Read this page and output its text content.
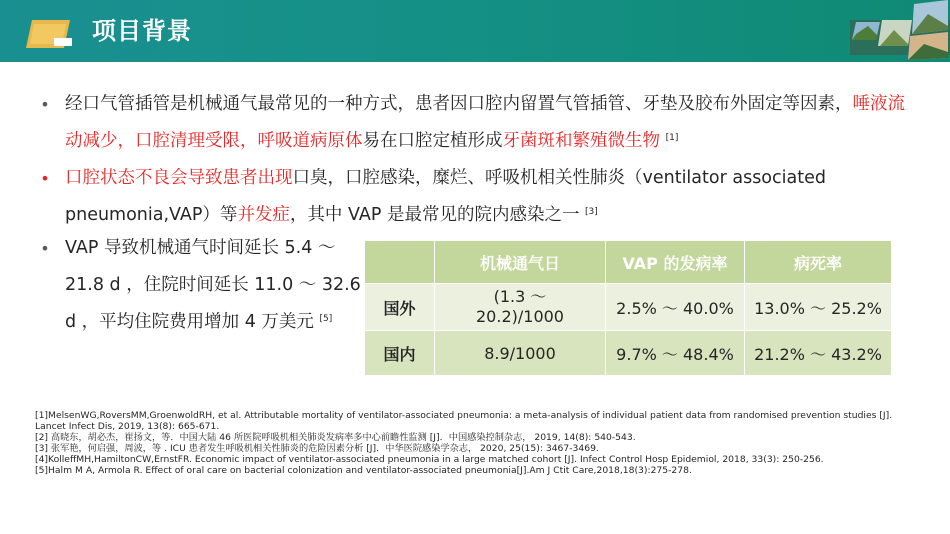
项目背景
• 经口气管插管是机械通气最常见的一种方式，患者因口腔内留置气管插管、牙垫及胶布外固定等因素，唾液流动减少，口腔清理受限，呼吸道病原体易在口腔定植形成牙菌斑和繁殖微生物 [1]
• 口腔状态不良会导致患者出现口臭，口腔感染，糜烂、呼吸机相关性肺炎（ventilator associated pneumonia,VAP）等并发症，其中 VAP 是最常见的院内感染之一 [3]
• VAP 导致机械通气时间延长 5.4 ～ 21.8 d ，住院时间延长 11.0 ～ 32.6 d ，平均住院费用增加 4 万美元 [5]
	机械通气日	VAP 的发病率	病死率
国外	(1.3 ～ 20.2)/1000	2.5% ～ 40.0%	13.0% ～ 25.2%
国内	8.9/1000	9.7% ～ 48.4%	21.2% ～ 43.2%
[1]MelsenWG,RoversMM,GroenwoldRH, et al. Attributable mortality of ventilator-associated pneumonia: a meta-analysis of individual patient data from randomised prevention studies [J]. Lancet Infect Dis, 2019, 13(8): 665-671.
[2] 高晓东，胡必杰，崔扬文，等．中国大陆 46 所医院呼吸机相关肺炎发病率多中心前瞻性监测 [J]．中国感染控制杂志， 2019, 14(8): 540-543.
[3] 张军艳，何启强，周波，等 . ICU 患者发生呼吸机相关性肺炎的危险因素分析 [J]．中华医院感染学杂志， 2020, 25(15): 3467-3469.
[4]KolleffMH,HamiltonCW,ErnstFR. Economic impact of ventilator-associated pneumonia in a large matched cohort [J]. Infect Control Hosp Epidemiol, 2018, 33(3): 250-256.
[5]Halm M A, Armola R. Effect of oral care on bacterial colonization and ventilator-associated pneumonia[J].Am J Ctit Care,2018,18(3):275-278.
